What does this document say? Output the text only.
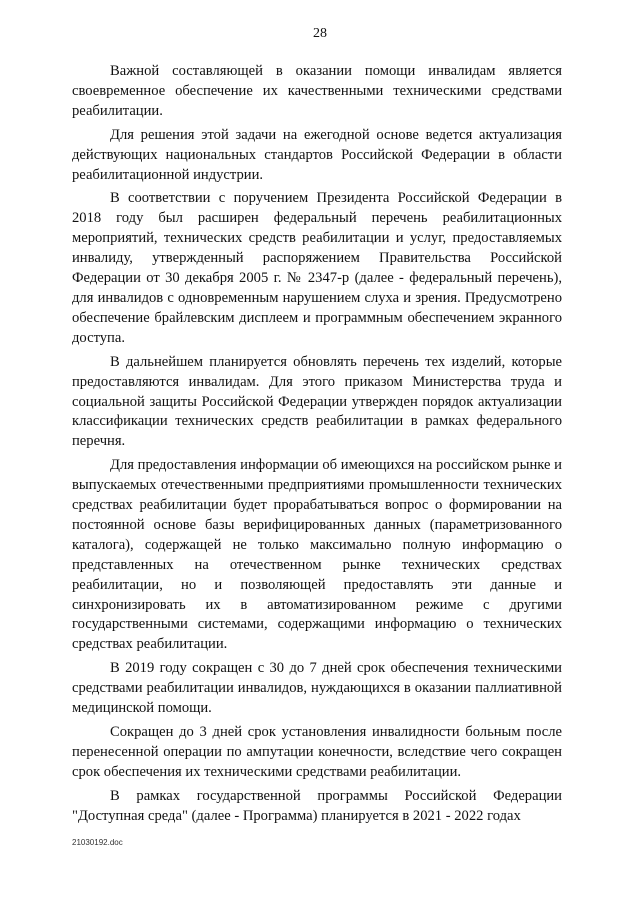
28

Важной составляющей в оказании помощи инвалидам является своевременное обеспечение их качественными техническими средствами реабилитации.

Для решения этой задачи на ежегодной основе ведется актуализация действующих национальных стандартов Российской Федерации в области реабилитационной индустрии.

В соответствии с поручением Президента Российской Федерации в 2018 году был расширен федеральный перечень реабилитационных мероприятий, технических средств реабилитации и услуг, предоставляемых инвалиду, утвержденный распоряжением Правительства Российской Федерации от 30 декабря 2005 г. № 2347-р (далее - федеральный перечень), для инвалидов с одновременным нарушением слуха и зрения. Предусмотрено обеспечение брайлевским дисплеем и программным обеспечением экранного доступа.

В дальнейшем планируется обновлять перечень тех изделий, которые предоставляются инвалидам. Для этого приказом Министерства труда и социальной защиты Российской Федерации утвержден порядок актуализации классификации технических средств реабилитации в рамках федерального перечня.

Для предоставления информации об имеющихся на российском рынке и выпускаемых отечественными предприятиями промышленности технических средствах реабилитации будет прорабатываться вопрос о формировании на постоянной основе базы верифицированных данных (параметризованного каталога), содержащей не только максимально полную информацию о представленных на отечественном рынке технических средствах реабилитации, но и позволяющей предоставлять эти данные и синхронизировать их в автоматизированном режиме с другими государственными системами, содержащими информацию о технических средствах реабилитации.

В 2019 году сокращен с 30 до 7 дней срок обеспечения техническими средствами реабилитации инвалидов, нуждающихся в оказании паллиативной медицинской помощи.

Сокращен до 3 дней срок установления инвалидности больным после перенесенной операции по ампутации конечности, вследствие чего сокращен срок обеспечения их техническими средствами реабилитации.

В рамках государственной программы Российской Федерации "Доступная среда" (далее - Программа) планируется в 2021 - 2022 годах

21030192.doc
